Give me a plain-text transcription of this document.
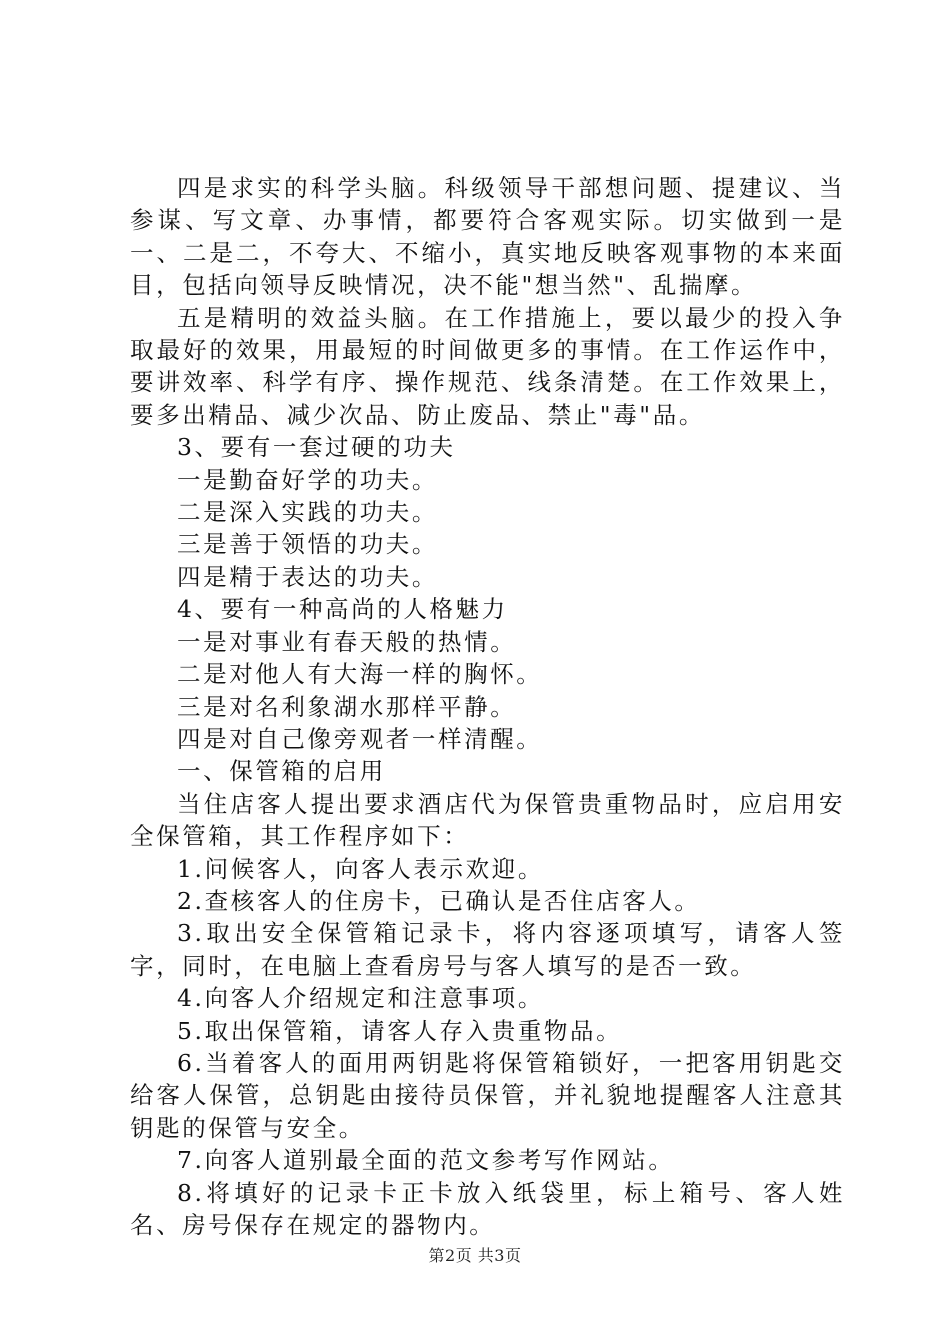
四是求实的科学头脑。科级领导干部想问题、提建议、当参谋、写文章、办事情，都要符合客观实际。切实做到一是一、二是二，不夸大、不缩小，真实地反映客观事物的本来面目，包括向领导反映情况，决不能"想当然"、乱揣摩。

五是精明的效益头脑。在工作措施上，要以最少的投入争取最好的效果，用最短的时间做更多的事情。在工作运作中，要讲效率、科学有序、操作规范、线条清楚。在工作效果上，要多出精品、减少次品、防止废品、禁止"毒"品。

3、要有一套过硬的功夫

一是勤奋好学的功夫。

二是深入实践的功夫。

三是善于领悟的功夫。

四是精于表达的功夫。

4、要有一种高尚的人格魅力

一是对事业有春天般的热情。

二是对他人有大海一样的胸怀。

三是对名利象湖水那样平静。

四是对自己像旁观者一样清醒。

一、保管箱的启用

当住店客人提出要求酒店代为保管贵重物品时，应启用安全保管箱，其工作程序如下：

1.问候客人，向客人表示欢迎。

2.查核客人的住房卡，已确认是否住店客人。

3.取出安全保管箱记录卡，将内容逐项填写，请客人签字，同时，在电脑上查看房号与客人填写的是否一致。

4.向客人介绍规定和注意事项。

5.取出保管箱，请客人存入贵重物品。

6.当着客人的面用两钥匙将保管箱锁好，一把客用钥匙交给客人保管，总钥匙由接待员保管，并礼貌地提醒客人注意其钥匙的保管与安全。

7.向客人道别最全面的范文参考写作网站。

8.将填好的记录卡正卡放入纸袋里，标上箱号、客人姓名、房号保存在规定的器物内。

第2页 共3页
